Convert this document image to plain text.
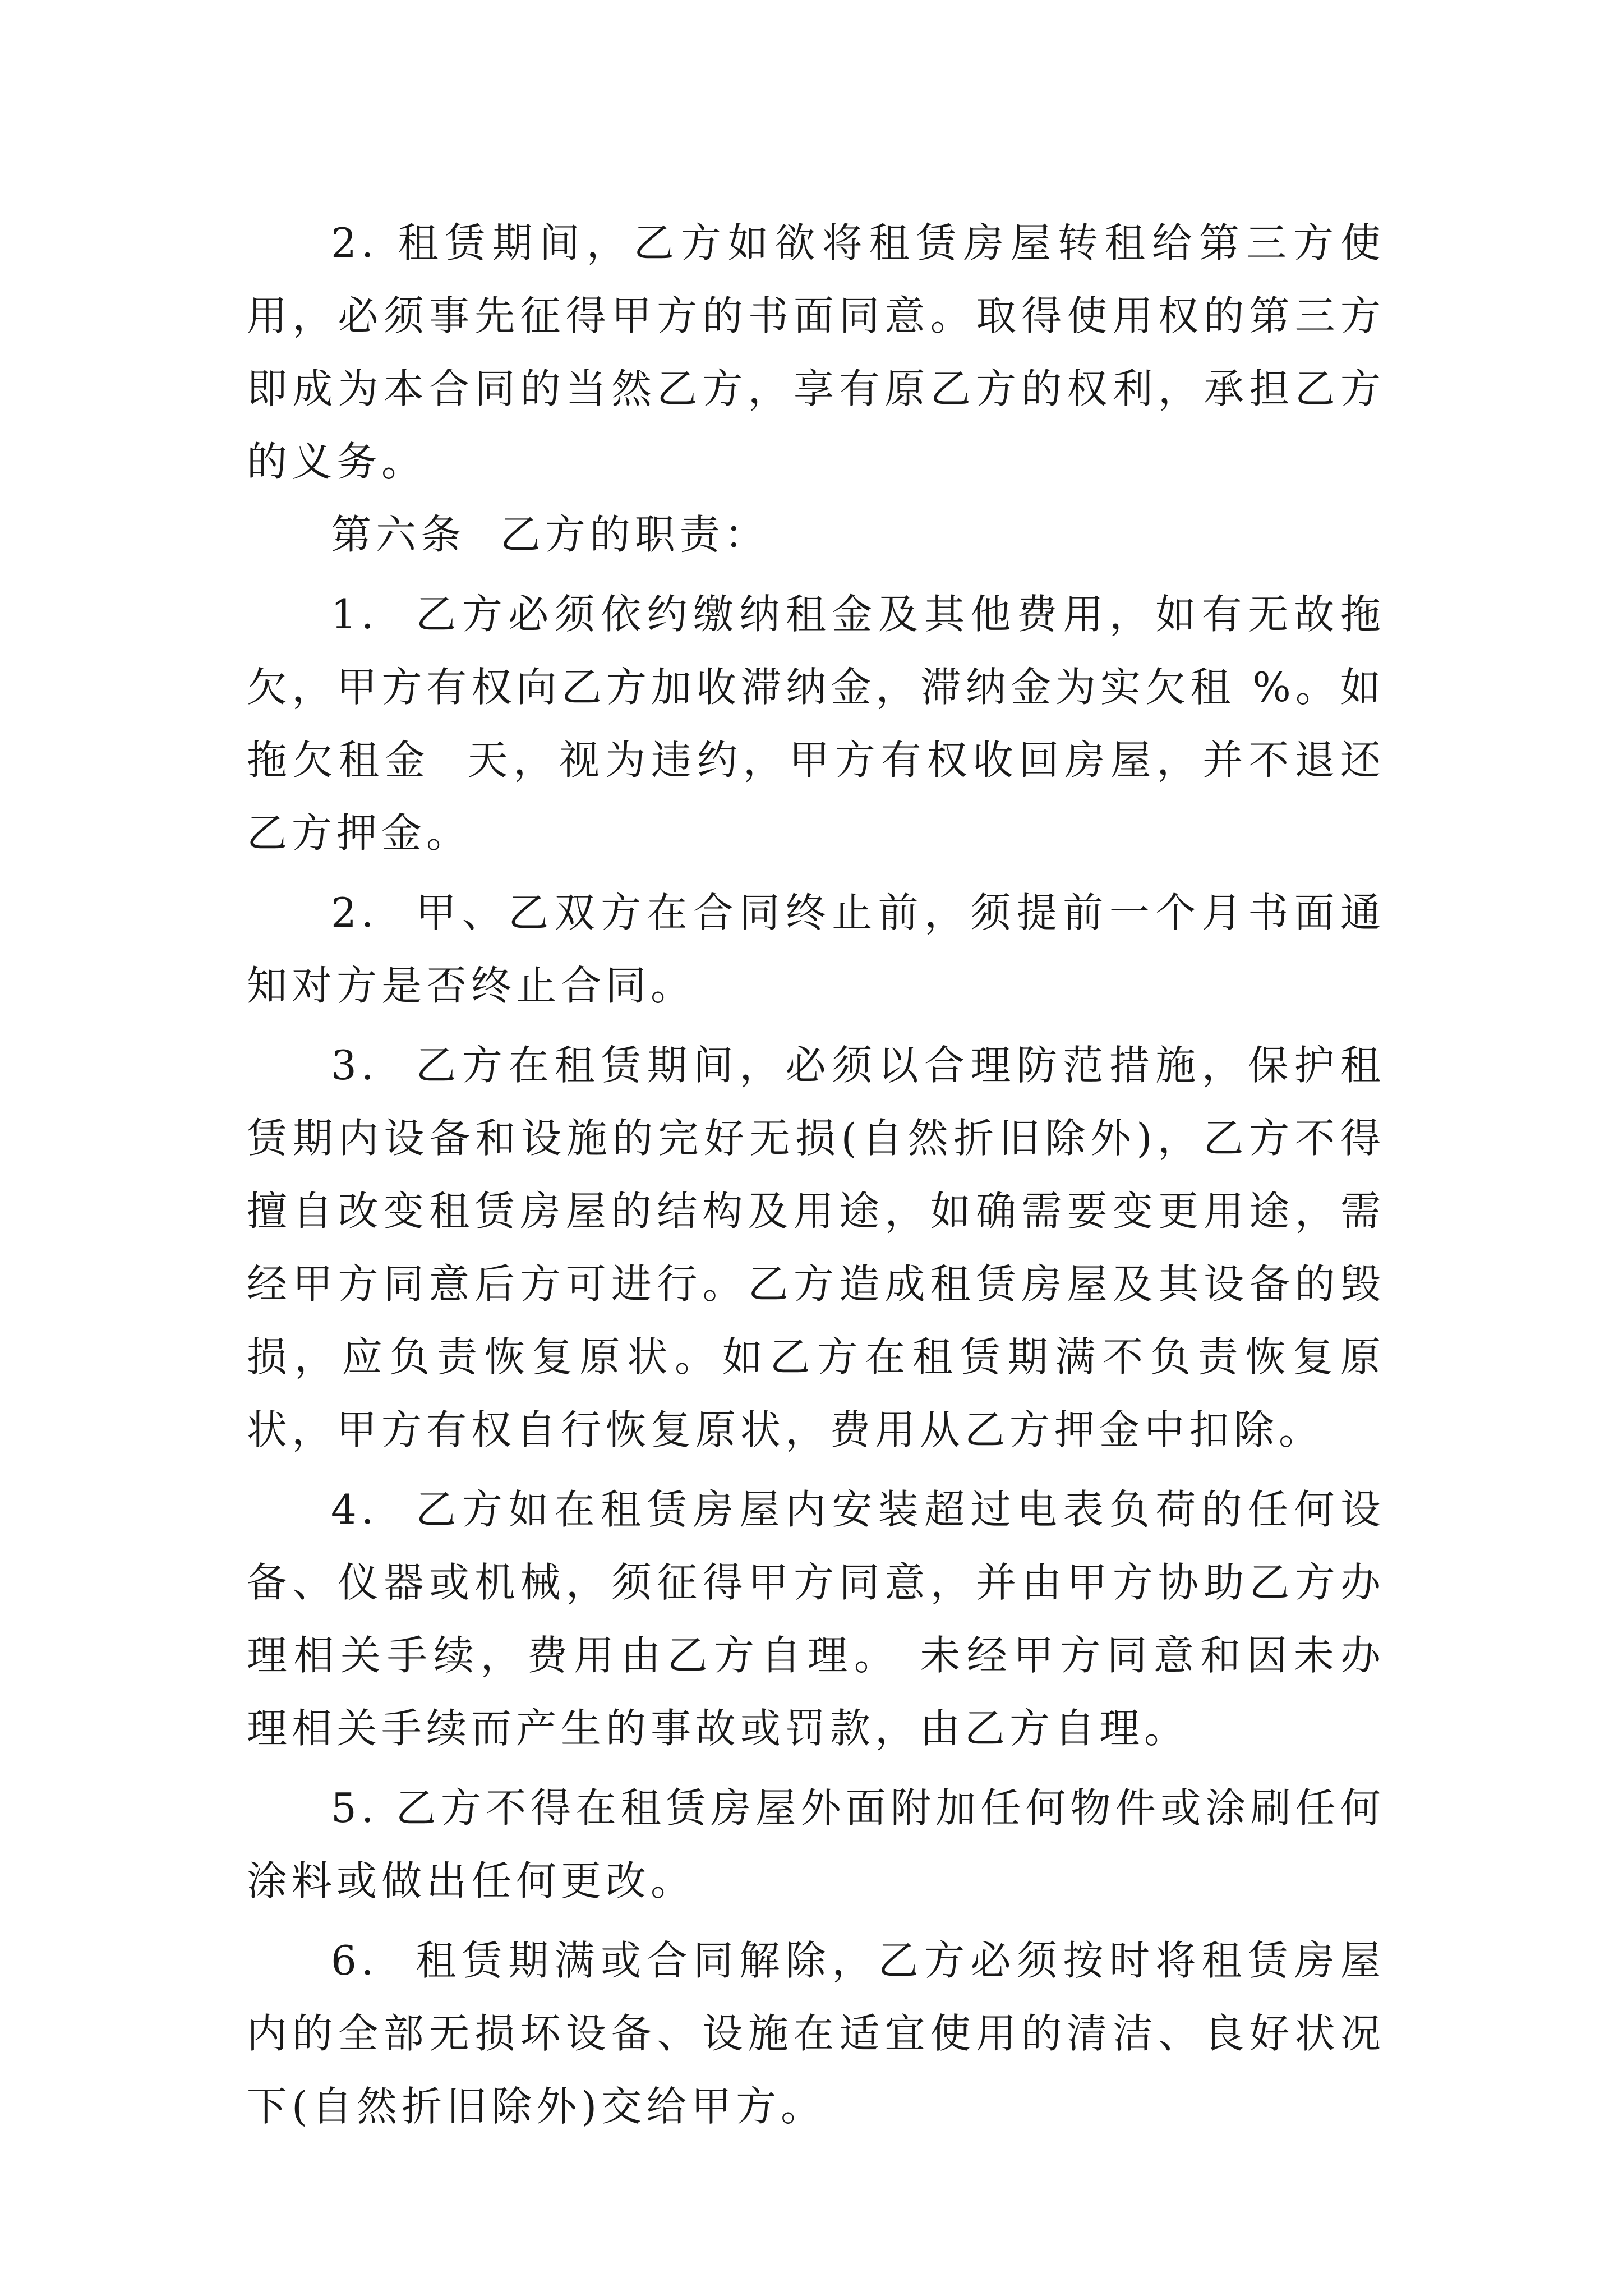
2. 租赁期间，乙方如欲将租赁房屋转租给第三方使用，必须事先征得甲方的书面同意。取得使用权的第三方即成为本合同的当然乙方，享有原乙方的权利，承担乙方的义务。

第六条  乙方的职责：

1.  乙方必须依约缴纳租金及其他费用，如有无故拖欠，甲方有权向乙方加收滞纳金，滞纳金为实欠租 %。如拖欠租金  天，视为违约，甲方有权收回房屋，并不退还乙方押金。

2.  甲、乙双方在合同终止前，须提前一个月书面通知对方是否终止合同。

3.  乙方在租赁期间，必须以合理防范措施，保护租赁期内设备和设施的完好无损(自然折旧除外)，乙方不得擅自改变租赁房屋的结构及用途，如确需要变更用途，需经甲方同意后方可进行。乙方造成租赁房屋及其设备的毁损，应负责恢复原状。如乙方在租赁期满不负责恢复原状，甲方有权自行恢复原状，费用从乙方押金中扣除。

4.  乙方如在租赁房屋内安装超过电表负荷的任何设备、仪器或机械，须征得甲方同意，并由甲方协助乙方办理相关手续，费用由乙方自理。 未经甲方同意和因未办理相关手续而产生的事故或罚款，由乙方自理。

5. 乙方不得在租赁房屋外面附加任何物件或涂刷任何涂料或做出任何更改。

6.  租赁期满或合同解除，乙方必须按时将租赁房屋内的全部无损坏设备、设施在适宜使用的清洁、良好状况下(自然折旧除外)交给甲方。
